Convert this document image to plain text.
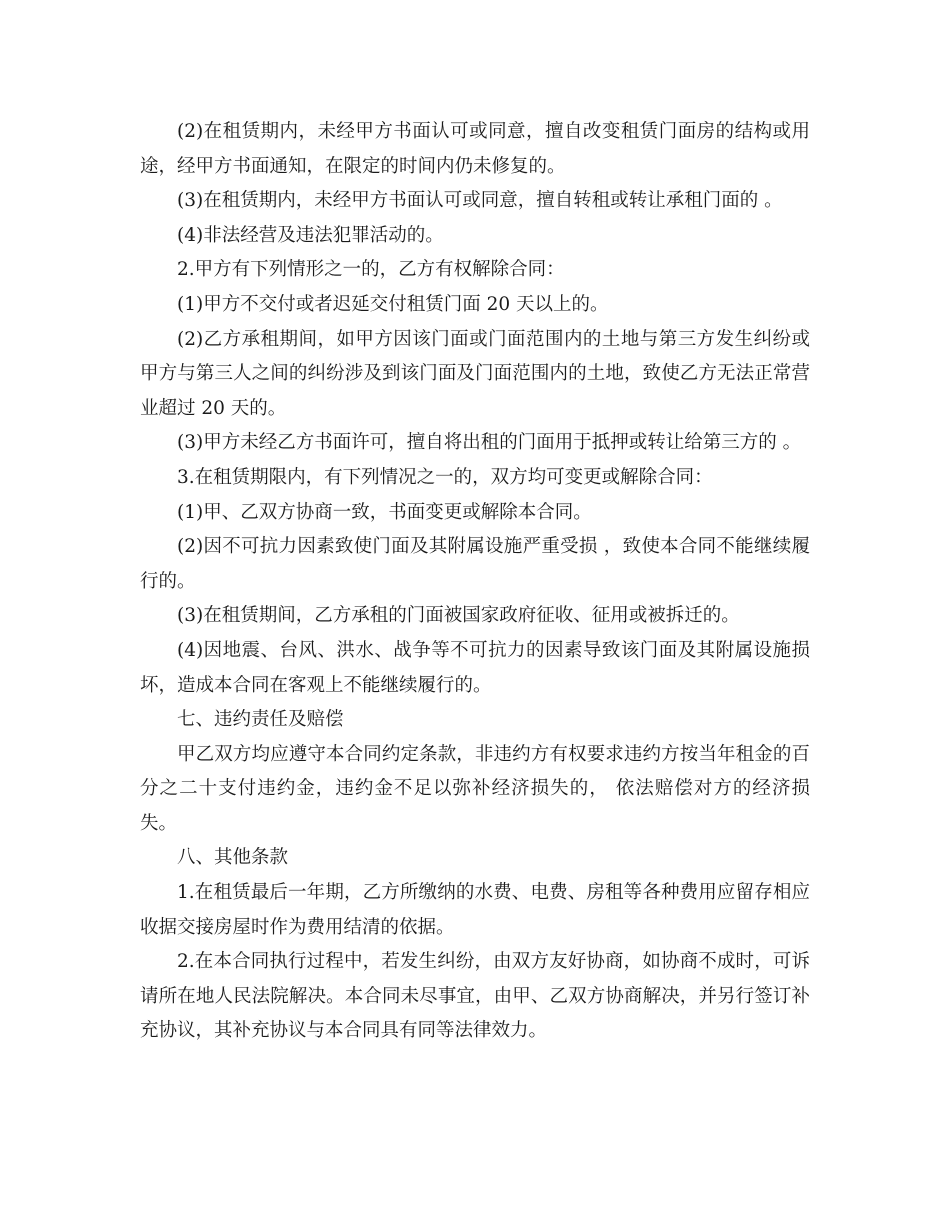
(2)在租赁期内，未经甲方书面认可或同意，擅自改变租赁门面房的结构或用途，经甲方书面通知，在限定的时间内仍未修复的。

(3)在租赁期内，未经甲方书面认可或同意，擅自转租或转让承租门面的 。

(4)非法经营及违法犯罪活动的。

2.甲方有下列情形之一的，乙方有权解除合同：

(1)甲方不交付或者迟延交付租赁门面 20 天以上的。

(2)乙方承租期间，如甲方因该门面或门面范围内的土地与第三方发生纠纷或甲方与第三人之间的纠纷涉及到该门面及门面范围内的土地，致使乙方无法正常营业超过 20 天的。

(3)甲方未经乙方书面许可，擅自将出租的门面用于抵押或转让给第三方的 。

3.在租赁期限内，有下列情况之一的，双方均可变更或解除合同：

(1)甲、乙双方协商一致，书面变更或解除本合同。

(2)因不可抗力因素致使门面及其附属设施严重受损 ，致使本合同不能继续履行的。

(3)在租赁期间，乙方承租的门面被国家政府征收、征用或被拆迁的。

(4)因地震、台风、洪水、战争等不可抗力的因素导致该门面及其附属设施损坏，造成本合同在客观上不能继续履行的。

七、违约责任及赔偿

甲乙双方均应遵守本合同约定条款，非违约方有权要求违约方按当年租金的百分之二十支付违约金，违约金不足以弥补经济损失的， 依法赔偿对方的经济损失。

八、其他条款

1.在租赁最后一年期，乙方所缴纳的水费、电费、房租等各种费用应留存相应收据交接房屋时作为费用结清的依据。

2.在本合同执行过程中，若发生纠纷，由双方友好协商，如协商不成时，可诉请所在地人民法院解决。本合同未尽事宜，由甲、乙双方协商解决，并另行签订补充协议，其补充协议与本合同具有同等法律效力。
